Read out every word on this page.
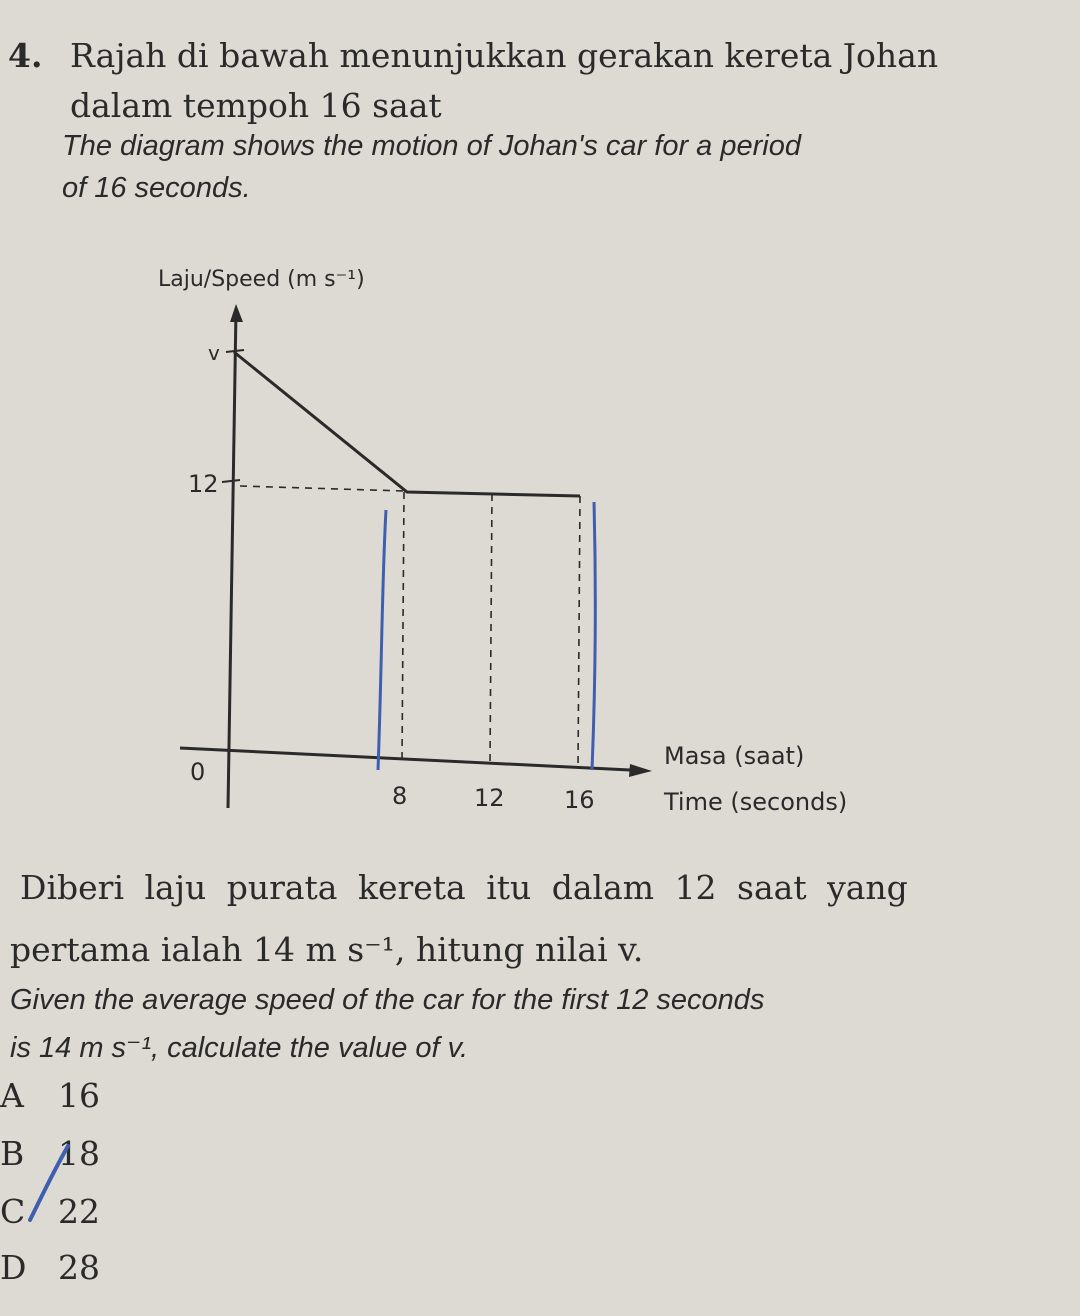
4. Rajah di bawah menunjukkan gerakan kereta Johan
dalam tempoh 16 saat
The diagram shows the motion of Johan's car for a period
of 16 seconds.
Laju/Speed (m s⁻¹)
0
v
12
8	12 16
Masa (saat)
Time (seconds)
Diberi laju purata kereta itu dalam 12 saat yang
pertama ialah 14 m s⁻¹, hitung nilai v.
Given the average speed of the car for the first 12 seconds
is 14 m s⁻¹, calculate the value of v.
A 16
B 18
C 22
D 28
